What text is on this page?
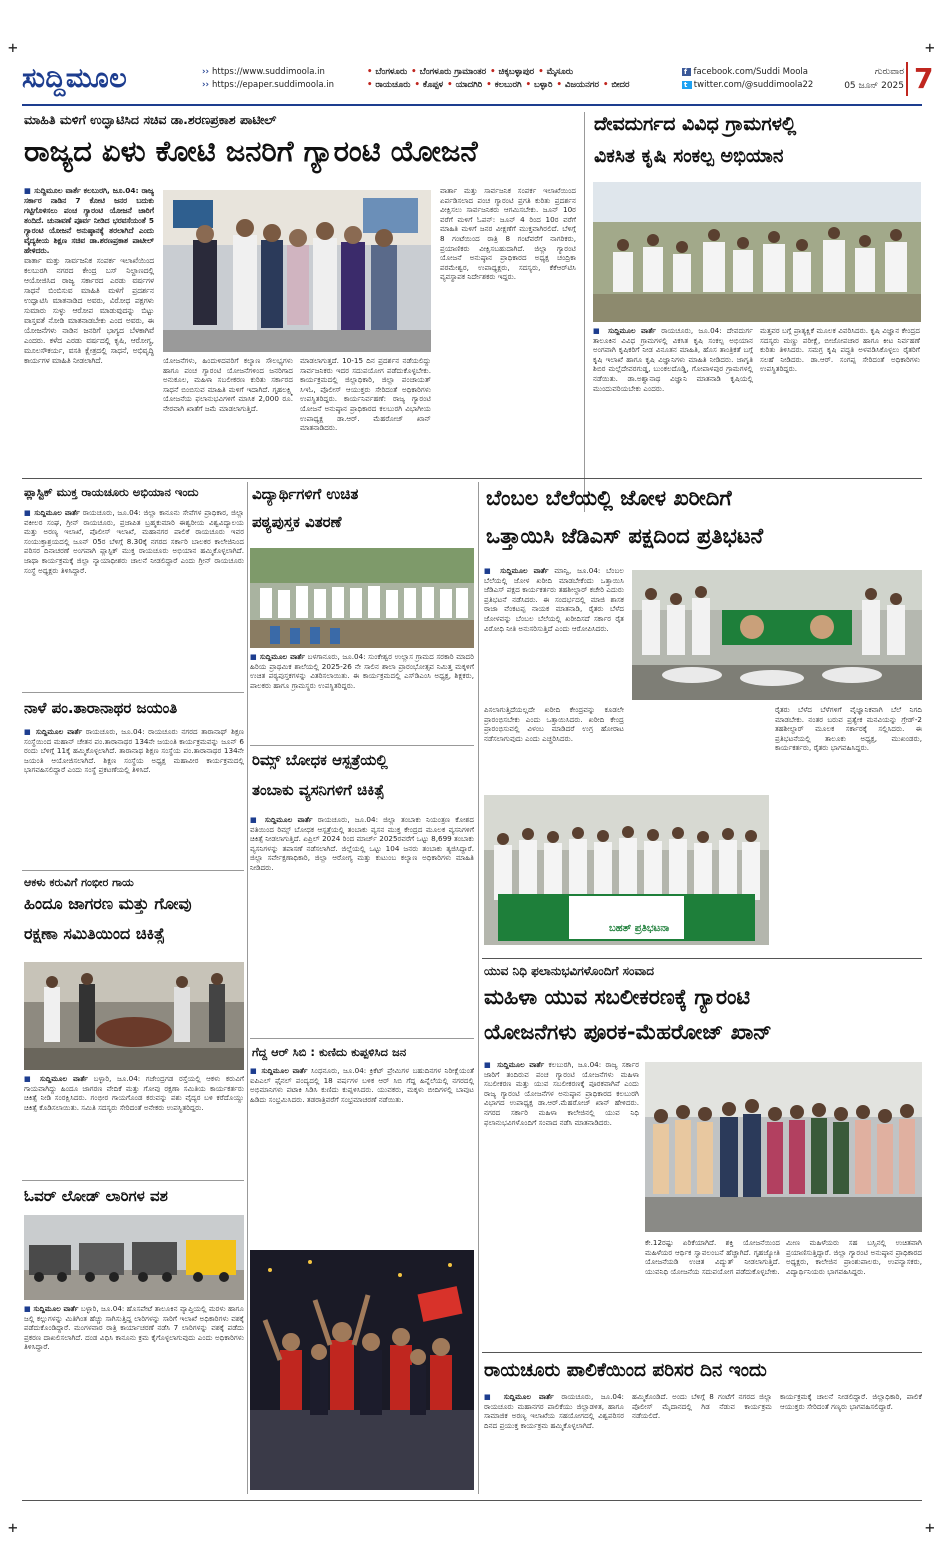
+	+
+	+
ಸುದ್ದಿಮೂಲ	›› https://www.suddimoola.in
›› https://epaper.suddimoola.in
• ಬೆಂಗಳೂರು • ಬೆಂಗಳೂರು ಗ್ರಾಮಾಂತರ • ಚಿಕ್ಕಬಳ್ಳಾಪುರ • ಮೈಸೂರು
• ರಾಯಚೂರು • ಕೊಪ್ಪಳ • ಯಾದಗಿರಿ • ಕಲಬುರಗಿ • ಬಳ್ಳಾರಿ • ವಿಜಯನಗರ • ಬೀದರ
f facebook.com/Suddi Moola
t twitter.com/@suddimoola22
ಗುರುವಾರ
05 ಜೂನ್ 2025 7
ಮಾಹಿತಿ ಮಳಿಗೆ ಉದ್ಘಾಟಿಸಿದ ಸಚಿವ ಡಾ.ಶರಣಪ್ರಕಾಶ ಪಾಟೀಲ್
ರಾಜ್ಯದ ಏಳು ಕೋಟಿ ಜನರಿಗೆ ಗ್ಯಾರಂಟಿ ಯೋಜನೆ
■ ಸುದ್ದಿಮೂಲ ವಾರ್ತೆ ಕಲಬುರಗಿ, ಜೂ.04: ರಾಜ್ಯ ಸರ್ಕಾರ ನಾಡಿನ 7 ಕೋಟಿ ಜನರ ಬದುಕು ಗಟ್ಟಿಗೊಳಿಸಲು ಪಂಚ ಗ್ಯಾರಂಟಿ ಯೋಜನೆ ಜಾರಿಗೆ ತಂದಿದೆ. ಚುನಾವಣೆ ಪೂರ್ವ ನೀಡಿದ ಭರವಸೆಯಂತೆ 5 ಗ್ಯಾರಂಟಿ ಯೋಜನೆ ಅನುಷ್ಠಾನಕ್ಕೆ ತರಲಾಗಿದೆ ಎಂದು ವೈದ್ಯಕೀಯ ಶಿಕ್ಷಣ ಸಚಿವ ಡಾ.ಶರಣಪ್ರಕಾಶ ಪಾಟೀಲ್ ಹೇಳಿದರು.
ವಾರ್ತಾ ಮತ್ತು ಸಾರ್ವಜನಿಕ ಸಂಪರ್ಕ ಇಲಾಖೆಯಿಂದ ಕಲಬುರಗಿ ನಗರದ ಕೇಂದ್ರ ಬಸ್ ನಿಲ್ದಾಣದಲ್ಲಿ ಆಯೋಜಿಸಿದ ರಾಜ್ಯ ಸರ್ಕಾರದ ಎರಡು ವರ್ಷಗಳ ಸಾಧನೆ ಬಿಂಬಿಸುವ ಮಾಹಿತಿ ಮಳಿಗೆ ಪ್ರದರ್ಶನ ಉದ್ಘಾಟಿಸಿ ಮಾತನಾಡಿದ ಅವರು, ವಿರೋಧ ಪಕ್ಷಗಳು ಸುಮಾರು ಸುಳ್ಳು ಆರೋಪ ಮಾಡುವುದನ್ನು ಬಿಟ್ಟು ವಾಸ್ತವತೆ ನೋಡಿ ಮಾತನಾಡಬೇಕು ಎಂದ ಅವರು, ಈ ಯೋಜನೆಗಳು ನಾಡಿನ ಜನರಿಗೆ ಭಾಗ್ಯದ ಬೆಳಕಾಗಿವೆ ಎಂದರು. ಕಳೆದ ಎರಡು ವರ್ಷದಲ್ಲಿ ಕೃಷಿ, ಆರೋಗ್ಯ, ಮೂಲಸೌಕರ್ಯ, ವಸತಿ ಕ್ಷೇತ್ರದಲ್ಲಿ ಸಾಧನೆ, ಅಭಿವೃದ್ಧಿ ಕಾರ್ಯಗಳ ಮಾಹಿತಿ ನೀಡಲಾಗಿದೆ.	ಯೋಜನೆಗಳು, ಹಿಂದುಳಿದವರಿಗೆ ಕಲ್ಯಾಣ ಸೌಲಭ್ಯಗಳು ಹಾಗೂ ಪಂಚ ಗ್ಯಾರಂಟಿ ಯೋಜನೆಗಳಿಂದ ಜನರಿಗಾದ ಅನುಕೂಲ, ಮಹಿಳಾ ಸಬಲೀಕರಣ ಕುರಿತು ಸರ್ಕಾರದ ಸಾಧನೆ ಬಿಂಬಿಸುವ ಮಾಹಿತಿ ಮಳಿಗೆ ಇದಾಗಿದೆ. ಗೃಹಲಕ್ಷ್ಮಿ ಯೋಜನೆಯ ಫಲಾನುಭವಿಗಳಿಗೆ ಮಾಸಿಕ 2,000 ರೂ. ನೇರವಾಗಿ ಖಾತೆಗೆ ಜಮೆ ಮಾಡಲಾಗುತ್ತಿದೆ.
ಮಾಡಲಾಗುತ್ತದೆ. 10-15 ದಿನ ಪ್ರದರ್ಶನ ನಡೆಯಲಿದ್ದು ಸಾರ್ವಜನಿಕರು ಇದರ ಸದುಪಯೋಗ ಪಡೆದುಕೊಳ್ಳಬೇಕು. ಕಾರ್ಯಕ್ರಮದಲ್ಲಿ ಜಿಲ್ಲಾಧಿಕಾರಿ, ಜಿಲ್ಲಾ ಪಂಚಾಯತ್ ಸಿಇಓ, ಪೊಲೀಸ್ ಆಯುಕ್ತರು ಸೇರಿದಂತೆ ಅಧಿಕಾರಿಗಳು ಉಪಸ್ಥಿತರಿದ್ದರು. ಕಾರ್ಯನಿರ್ವಹಣೆ: ರಾಜ್ಯ ಗ್ಯಾರಂಟಿ ಯೋಜನೆ ಅನುಷ್ಠಾನ ಪ್ರಾಧಿಕಾರದ ಕಲಬುರಗಿ ವಿಭಾಗೀಯ ಉಪಾಧ್ಯಕ್ಷ ಡಾ.ಆರ್. ಮೆಹರೋಜ್ ಖಾನ್ ಮಾತನಾಡಿದರು.
ವಾರ್ತಾ ಮತ್ತು ಸಾರ್ವಜನಿಕ ಸಂಪರ್ಕ ಇಲಾಖೆಯಿಂದ ಏರ್ಪಡಿಸಲಾದ ಪಂಚ ಗ್ಯಾರಂಟಿ ಪ್ರಗತಿ ಕುರಿತು ಪ್ರದರ್ಶನ ವೀಕ್ಷಿಸಲು ಸಾರ್ವಜನಿಕರು ಆಗಮಿಸಬೇಕು. ಜೂನ್ 10ರ ವರೆಗೆ ಮಳಿಗೆ ಓಪನ್: ಜೂನ್ 4 ರಿಂದ 10ರ ವರೆಗೆ ಮಾಹಿತಿ ಮಳಿಗೆ ಜನರ ವೀಕ್ಷಣೆಗೆ ಮುಕ್ತವಾಗಿರಲಿದೆ. ಬೆಳಿಗ್ಗೆ 8 ಗಂಟೆಯಿಂದ ರಾತ್ರಿ 8 ಗಂಟೆವರೆಗೆ ನಾಗರಿಕರು, ಪ್ರಯಾಣಿಕರು ವೀಕ್ಷಿಸಬಹುದಾಗಿದೆ. ಜಿಲ್ಲಾ ಗ್ಯಾರಂಟಿ ಯೋಜನೆ ಅನುಷ್ಠಾನ ಪ್ರಾಧಿಕಾರದ ಅಧ್ಯಕ್ಷ ಚಂದ್ರಿಕಾ ಪರಮೇಶ್ವರ, ಉಪಾಧ್ಯಕ್ಷರು, ಸದಸ್ಯರು, ಕೆಕೆಆರ್‌ಟಿಸಿ ವ್ಯವಸ್ಥಾಪಕ ನಿರ್ದೇಶಕರು ಇದ್ದರು.
ದೇವದುರ್ಗದ ವಿವಿಧ ಗ್ರಾಮಗಳಲ್ಲಿ
ವಿಕಸಿತ ಕೃಷಿ ಸಂಕಲ್ಪ ಅಭಿಯಾನ
■ ಸುದ್ದಿಮೂಲ ವಾರ್ತೆ ರಾಯಚೂರು, ಜೂ.04: ದೇವದುರ್ಗ ತಾಲೂಕಿನ ವಿವಿಧ ಗ್ರಾಮಗಳಲ್ಲಿ ವಿಕಸಿತ ಕೃಷಿ ಸಂಕಲ್ಪ ಅಭಿಯಾನ ಅಂಗವಾಗಿ ಕೃಷಿಕರಿಗೆ ನೀಡ ವಿನೂತನ ಮಾಹಿತಿ, ಹೊಸ ತಾಂತ್ರಿಕತೆ ಬಗ್ಗೆ ಕೃಷಿ ಇಲಾಖೆ ಹಾಗೂ ಕೃಷಿ ವಿಜ್ಞಾನಿಗಳು ಮಾಹಿತಿ ನೀಡಿದರು. ಜಾಗೃತಿ ಶಿಬಿರ ಮಲ್ಲೆದೇವರಗುಡ್ಡ, ಬುಂಕಲದೊಡ್ಡಿ, ಗೋಪಾಳಪುರ ಗ್ರಾಮಗಳಲ್ಲಿ ನಡೆಯಿತು. ಡಾ.ಅಶ್ವಾನಾಥ ವಿಜ್ಞಾನಿ ಮಾತನಾಡಿ ಕೃಷಿಯಲ್ಲಿ ಮುಂದುವರಿಯಬೇಕು ಎಂದರು.
ಮತ್ತವರ ಬಗ್ಗೆ ಪ್ರಾತ್ಯಕ್ಷಿಕೆ ಮೂಲಕ ವಿವರಿಸಿದರು. ಕೃಷಿ ವಿಜ್ಞಾನ ಕೇಂದ್ರದ ಸದಸ್ಯರು ಮಣ್ಣು ಪರೀಕ್ಷೆ, ಬೀಜೋಪಚಾರ ಹಾಗೂ ಕೀಟ ನಿರ್ವಹಣೆ ಕುರಿತು ತಿಳಿಸಿದರು. ಸಮಗ್ರ ಕೃಷಿ ಪದ್ಧತಿ ಅಳವಡಿಸಿಕೊಳ್ಳಲು ರೈತರಿಗೆ ಸಲಹೆ ನೀಡಿದರು. ಡಾ.ಆರ್. ಸಂಗಪ್ಪ ಸೇರಿದಂತೆ ಅಧಿಕಾರಿಗಳು ಉಪಸ್ಥಿತರಿದ್ದರು.
ಪ್ಲಾಸ್ಟಿಕ್ ಮುಕ್ತ ರಾಯಚೂರು ಅಭಿಯಾನ ಇಂದು
■ ಸುದ್ದಿಮೂಲ ವಾರ್ತೆ ರಾಯಚೂರು, ಜೂ.04: ಜಿಲ್ಲಾ ಕಾನೂನು ಸೇವೆಗಳ ಪ್ರಾಧಿಕಾರ, ಜಿಲ್ಲಾ ವಕೀಲರ ಸಂಘ, ಗ್ರೀನ್ ರಾಯಚೂರು, ಪ್ರಜಾಪಿತ ಬ್ರಹ್ಮಕುಮಾರಿ ಈಶ್ವರೀಯ ವಿಶ್ವವಿದ್ಯಾಲಯ ಮತ್ತು ಅರಣ್ಯ ಇಲಾಖೆ, ಪೊಲೀಸ್ ಇಲಾಖೆ, ಮಹಾನಗರ ಪಾಲಿಕೆ ರಾಯಚೂರು ಇವರ ಸಂಯುಕ್ತಾಶ್ರಯದಲ್ಲಿ ಜೂನ್ 05ರ ಬೆಳಿಗ್ಗೆ 8.30ಕ್ಕೆ ನಗರದ ಸರ್ಕಾರಿ ಬಾಲಕರ ಕಾಲೇಜಿನಿಂದ ಪರಿಸರ ದಿನಾಚರಣೆ ಅಂಗವಾಗಿ ಪ್ಲಾಸ್ಟಿಕ್ ಮುಕ್ತ ರಾಯಚೂರು ಅಭಿಯಾನ ಹಮ್ಮಿಕೊಳ್ಳಲಾಗಿದೆ. ಜಾಥಾ ಕಾರ್ಯಕ್ರಮಕ್ಕೆ ಜಿಲ್ಲಾ ನ್ಯಾಯಾಧೀಶರು ಚಾಲನೆ ನೀಡಲಿದ್ದಾರೆ ಎಂದು ಗ್ರೀನ್ ರಾಯಚೂರು ಸಂಸ್ಥೆ ಅಧ್ಯಕ್ಷರು ತಿಳಿಸಿದ್ದಾರೆ.
ನಾಳೆ ಪಂ.ತಾರಾನಾಥರ ಜಯಂತಿ
■ ಸುದ್ದಿಮೂಲ ವಾರ್ತೆ ರಾಯಚೂರು, ಜೂ.04: ರಾಯಚೂರು ನಗರದ ತಾರಾನಾಥ್ ಶಿಕ್ಷಣ ಸಂಸ್ಥೆಯಿಂದ ಮಹಾನ್ ಚೇತನ ಪಂ.ತಾರಾನಾಥರ 134ನೇ ಜಯಂತಿ ಕಾರ್ಯಕ್ರಮವನ್ನು ಜೂನ್ 6 ರಂದು ಬೆಳಿಗ್ಗೆ 11ಕ್ಕೆ ಹಮ್ಮಿಕೊಳ್ಳಲಾಗಿದೆ. ತಾರಾನಾಥ ಶಿಕ್ಷಣ ಸಂಸ್ಥೆಯ ಪಂ.ತಾರಾನಾಥರ 134ನೇ ಜಯಂತಿ ಆಯೋಜಿಸಲಾಗಿದೆ. ಶಿಕ್ಷಣ ಸಂಸ್ಥೆಯ ಅಧ್ಯಕ್ಷ ಮಹಾವೀರ ಕಾರ್ಯಕ್ರಮದಲ್ಲಿ ಭಾಗವಹಿಸಲಿದ್ದಾರೆ ಎಂದು ಸಂಸ್ಥೆ ಪ್ರಕಟಣೆಯಲ್ಲಿ ತಿಳಿಸಿದೆ.
ಆಕಳು ಕರುವಿಗೆ ಗಂಭೀರ ಗಾಯ
ಹಿಂದೂ ಜಾಗರಣ ಮತ್ತು ಗೋವು
ರಕ್ಷಣಾ ಸಮಿತಿಯಿಂದ ಚಿಕಿತ್ಸೆ
■ ಸುದ್ದಿಮೂಲ ವಾರ್ತೆ ಬಳ್ಳಾರಿ, ಜೂ.04: ಗಜೇಂದ್ರಗಡ ರಸ್ತೆಯಲ್ಲಿ ಆಕಳು ಕರುವಿಗೆ ಗಾಯವಾಗಿದ್ದು ಹಿಂದೂ ಜಾಗರಣ ವೇದಿಕೆ ಮತ್ತು ಗೋವು ರಕ್ಷಣಾ ಸಮಿತಿಯ ಕಾರ್ಯಕರ್ತರು ಚಿಕಿತ್ಸೆ ನೀಡಿ ಸಂರಕ್ಷಿಸಿದರು. ಗಂಭೀರ ಗಾಯಗೊಂಡ ಕರುವನ್ನು ಪಶು ವೈದ್ಯರ ಬಳಿ ಕರೆದೊಯ್ದು ಚಿಕಿತ್ಸೆ ಕೊಡಿಸಲಾಯಿತು. ಸಮಿತಿ ಸದಸ್ಯರು ಸೇರಿದಂತೆ ಅನೇಕರು ಉಪಸ್ಥಿತರಿದ್ದರು.
ಓವರ್ ಲೋಡ್ ಲಾರಿಗಳ ವಶ
■ ಸುದ್ದಿಮೂಲ ವಾರ್ತೆ ಬಳ್ಳಾರಿ, ಜೂ.04: ಹೊಸಪೇಟೆ ತಾಲೂಕಿನ ವ್ಯಾಪ್ತಿಯಲ್ಲಿ ಮರಳು ಹಾಗೂ ಜಲ್ಲಿ ಕಲ್ಲುಗಳನ್ನು ಮಿತಿಗಿಂತ ಹೆಚ್ಚು ಸಾಗಿಸುತ್ತಿದ್ದ ಲಾರಿಗಳನ್ನು ಸಾರಿಗೆ ಇಲಾಖೆ ಅಧಿಕಾರಿಗಳು ವಶಕ್ಕೆ ಪಡೆದುಕೊಂಡಿದ್ದಾರೆ. ಮಂಗಳವಾರ ರಾತ್ರಿ ಕಾರ್ಯಾಚರಣೆ ನಡೆಸಿ 7 ಲಾರಿಗಳನ್ನು ವಶಕ್ಕೆ ಪಡೆದು ಪ್ರಕರಣ ದಾಖಲಿಸಲಾಗಿದೆ. ದಂಡ ವಿಧಿಸಿ ಕಾನೂನು ಕ್ರಮ ಕೈಗೊಳ್ಳಲಾಗುವುದು ಎಂದು ಅಧಿಕಾರಿಗಳು ತಿಳಿಸಿದ್ದಾರೆ.
ವಿದ್ಯಾರ್ಥಿಗಳಿಗೆ ಉಚಿತ
ಪಠ್ಯಪುಸ್ತಕ ವಿತರಣೆ
■ ಸುದ್ದಿಮೂಲ ವಾರ್ತೆ ಬಳಗಾನೂರು, ಜೂ.04: ಸುಂಕೇಶ್ವರ ಉಲ್ಲಾಸ ಗ್ರಾಮದ ಸರಕಾರಿ ಮಾದರಿ ಹಿರಿಯ ಪ್ರಾಥಮಿಕ ಶಾಲೆಯಲ್ಲಿ 2025-26 ನೇ ಸಾಲಿನ ಶಾಲಾ ಪ್ರಾರಂಭೋತ್ಸವ ನಿಮಿತ್ತ ಮಕ್ಕಳಿಗೆ ಉಚಿತ ಪಠ್ಯಪುಸ್ತಕಗಳನ್ನು ವಿತರಿಸಲಾಯಿತು. ಈ ಕಾರ್ಯಕ್ರಮದಲ್ಲಿ ಎಸ್‌ಡಿಎಂಸಿ ಅಧ್ಯಕ್ಷ, ಶಿಕ್ಷಕರು, ಪಾಲಕರು ಹಾಗೂ ಗ್ರಾಮಸ್ಥರು ಉಪಸ್ಥಿತರಿದ್ದರು.
ರಿಮ್ಸ್ ಬೋಧಕ ಆಸ್ಪತ್ರೆಯಲ್ಲಿ
ತಂಬಾಕು ವ್ಯಸನಿಗಳಿಗೆ ಚಿಕಿತ್ಸೆ
■ ಸುದ್ದಿಮೂಲ ವಾರ್ತೆ ರಾಯಚೂರು, ಜೂ.04: ಜಿಲ್ಲಾ ತಂಬಾಕು ನಿಯಂತ್ರಣ ಕೋಶದ ವತಿಯಿಂದ ರಿಮ್ಸ್ ಬೋಧಕ ಆಸ್ಪತ್ರೆಯಲ್ಲಿ ತಂಬಾಕು ವ್ಯಸನ ಮುಕ್ತ ಕೇಂದ್ರದ ಮೂಲಕ ವ್ಯಸನಿಗಳಿಗೆ ಚಿಕಿತ್ಸೆ ನೀಡಲಾಗುತ್ತಿದೆ. ಏಪ್ರಿಲ್ 2024 ರಿಂದ ಮಾರ್ಚ್ 2025ರವರೆಗೆ ಒಟ್ಟು 8,699 ತಂಬಾಕು ವ್ಯಸನಿಗಳನ್ನು ತಪಾಸಣೆ ನಡೆಸಲಾಗಿದೆ. ಜಿಲ್ಲೆಯಲ್ಲಿ ಒಟ್ಟು 104 ಜನರು ತಂಬಾಕು ತ್ಯಜಿಸಿದ್ದಾರೆ. ಜಿಲ್ಲಾ ಸರ್ವೇಕ್ಷಣಾಧಿಕಾರಿ, ಜಿಲ್ಲಾ ಆರೋಗ್ಯ ಮತ್ತು ಕುಟುಂಬ ಕಲ್ಯಾಣ ಅಧಿಕಾರಿಗಳು ಮಾಹಿತಿ ನೀಡಿದರು.
ಗೆದ್ದ ಆರ್ ಸಿಬಿ : ಕುಣಿದು ಕುಪ್ಪಳಿಸಿದ ಜನ
■ ಸುದ್ದಿಮೂಲ ವಾರ್ತೆ ಸಿಂಧನೂರು, ಜೂ.04: ಕ್ರಿಕೆಟ್ ಪ್ರೇಮಿಗಳ ಬಹುದಿನಗಳ ನಿರೀಕ್ಷೆಯಂತೆ ಐಪಿಎಲ್ ಫೈನಲ್ ಪಂದ್ಯದಲ್ಲಿ 18 ವರ್ಷಗಳ ಬಳಿಕ ಆರ್ ಸಿಬಿ ಗೆದ್ದ ಹಿನ್ನೆಲೆಯಲ್ಲಿ ನಗರದಲ್ಲಿ ಅಭಿಮಾನಿಗಳು ಪಟಾಕಿ ಸಿಡಿಸಿ ಕುಣಿದು ಕುಪ್ಪಳಿಸಿದರು. ಯುವಕರು, ಮಕ್ಕಳು ಬೀದಿಗಳಲ್ಲಿ ಬಾವುಟ ಹಿಡಿದು ಸಂಭ್ರಮಿಸಿದರು. ತಡರಾತ್ರಿವರೆಗೆ ಸಂಭ್ರಮಾಚರಣೆ ನಡೆಯಿತು.
ಬೆಂಬಲ ಬೆಲೆಯಲ್ಲಿ ಜೋಳ ಖರೀದಿಗೆ
ಒತ್ತಾಯಿಸಿ ಜೆಡಿಎಸ್ ಪಕ್ಷದಿಂದ ಪ್ರತಿಭಟನೆ
■ ಸುದ್ದಿಮೂಲ ವಾರ್ತೆ ಮಾನ್ವಿ, ಜೂ.04: ಬೆಂಬಲ ಬೆಲೆಯಲ್ಲಿ ಜೋಳ ಖರೀದಿ ಮಾಡಬೇಕೆಂದು ಒತ್ತಾಯಿಸಿ ಜೆಡಿಎಸ್ ಪಕ್ಷದ ಕಾರ್ಯಕರ್ತರು ತಹಶೀಲ್ದಾರ್ ಕಚೇರಿ ಎದುರು ಪ್ರತಿಭಟನೆ ನಡೆಸಿದರು. ಈ ಸಂದರ್ಭದಲ್ಲಿ ಮಾಜಿ ಶಾಸಕ ರಾಜಾ ವೆಂಕಟಪ್ಪ ನಾಯಕ ಮಾತನಾಡಿ, ರೈತರು ಬೆಳೆದ ಜೋಳವನ್ನು ಬೆಂಬಲ ಬೆಲೆಯಲ್ಲಿ ಖರೀದಿಸದೆ ಸರ್ಕಾರ ರೈತ ವಿರೋಧಿ ನೀತಿ ಅನುಸರಿಸುತ್ತಿದೆ ಎಂದು ಆರೋಪಿಸಿದರು.
ಪಿಸಲಾಗುತ್ತಿದೆಯಲ್ಲದೇ ಖರೀದಿ ಕೇಂದ್ರವನ್ನು ಕೂಡಲೇ ಪ್ರಾರಂಭಿಸಬೇಕು ಎಂದು ಒತ್ತಾಯಿಸಿದರು. ಖರೀದಿ ಕೇಂದ್ರ ಪ್ರಾರಂಭಿಸುವಲ್ಲಿ ವಿಳಂಬ ಮಾಡಿದರೆ ಉಗ್ರ ಹೋರಾಟ ನಡೆಸಲಾಗುವುದು ಎಂದು ಎಚ್ಚರಿಸಿದರು.
ರೈತರು ಬೆಳೆದ ಬೆಳೆಗಳಿಗೆ ವೈಜ್ಞಾನಿಕವಾಗಿ ಬೆಲೆ ನಿಗದಿ ಮಾಡಬೇಕು. ನಂತರ ಬರುವ ಪ್ರತ್ಯೇಕ ಮನವಿಯನ್ನು ಗ್ರೇಡ್-2 ತಹಶೀಲ್ದಾರ್ ಮೂಲಕ ಸರ್ಕಾರಕ್ಕೆ ಸಲ್ಲಿಸಿದರು. ಈ ಪ್ರತಿಭಟನೆಯಲ್ಲಿ ತಾಲೂಕು ಅಧ್ಯಕ್ಷ, ಮುಖಂಡರು, ಕಾರ್ಯಕರ್ತರು, ರೈತರು ಭಾಗವಹಿಸಿದ್ದರು.
ಬಹತ್ ಪ್ರತಿಭಟನಾ
ಯುವ ನಿಧಿ ಫಲಾನುಭವಿಗಳೊಂದಿಗೆ ಸಂವಾದ
ಮಹಿಳಾ ಯುವ ಸಬಲೀಕರಣಕ್ಕೆ ಗ್ಯಾರಂಟಿ
ಯೋಜನೆಗಳು ಪೂರಕ-ಮೆಹರೋಜ್ ಖಾನ್
■ ಸುದ್ದಿಮೂಲ ವಾರ್ತೆ ಕಲಬುರಗಿ, ಜೂ.04: ರಾಜ್ಯ ಸರ್ಕಾರ ಜಾರಿಗೆ ತಂದಿರುವ ಪಂಚ ಗ್ಯಾರಂಟಿ ಯೋಜನೆಗಳು ಮಹಿಳಾ ಸಬಲೀಕರಣ ಮತ್ತು ಯುವ ಸಬಲೀಕರಣಕ್ಕೆ ಪೂರಕವಾಗಿವೆ ಎಂದು ರಾಜ್ಯ ಗ್ಯಾರಂಟಿ ಯೋಜನೆಗಳ ಅನುಷ್ಠಾನ ಪ್ರಾಧಿಕಾರದ ಕಲಬುರಗಿ ವಿಭಾಗದ ಉಪಾಧ್ಯಕ್ಷ ಡಾ.ಆರ್.ಮೆಹರೋಜ್ ಖಾನ್ ಹೇಳಿದರು. ನಗರದ ಸರ್ಕಾರಿ ಮಹಿಳಾ ಕಾಲೇಜಿನಲ್ಲಿ ಯುವ ನಿಧಿ ಫಲಾನುಭವಿಗಳೊಂದಿಗೆ ಸಂವಾದ ನಡೆಸಿ ಮಾತನಾಡಿದರು.
ಕೇ.12ರಷ್ಟು ಏರಿಕೆಯಾಗಿದೆ. ಶಕ್ತಿ ಯೋಜನೆಯಿಂದ ಮಹಿಳೆಯರ ಆರ್ಥಿಕ ಸ್ವಾವಲಂಬನೆ ಹೆಚ್ಚಾಗಿದೆ. ಗೃಹಜ್ಯೋತಿ ಯೋಜನೆಯಡಿ ಉಚಿತ ವಿದ್ಯುತ್ ನೀಡಲಾಗುತ್ತಿದೆ. ಯುವನಿಧಿ ಯೋಜನೆಯ ಸದುಪಯೋಗ ಪಡೆದುಕೊಳ್ಳಬೇಕು.
ಮೀಣ ಮಹಿಳೆಯರು ಸಹ ಬಸ್ಸಿನಲ್ಲಿ ಉಚಿತವಾಗಿ ಪ್ರಯಾಣಿಸುತ್ತಿದ್ದಾರೆ. ಜಿಲ್ಲಾ ಗ್ಯಾರಂಟಿ ಅನುಷ್ಠಾನ ಪ್ರಾಧಿಕಾರದ ಅಧ್ಯಕ್ಷರು, ಕಾಲೇಜಿನ ಪ್ರಾಂಶುಪಾಲರು, ಉಪನ್ಯಾಸಕರು, ವಿದ್ಯಾರ್ಥಿನಿಯರು ಭಾಗವಹಿಸಿದ್ದರು.
ರಾಯಚೂರು ಪಾಲಿಕೆಯಿಂದ ಪರಿಸರ ದಿನ ಇಂದು
■ ಸುದ್ದಿಮೂಲ ವಾರ್ತೆ ರಾಯಚೂರು, ಜೂ.04: ರಾಯಚೂರು ಮಹಾನಗರ ಪಾಲಿಕೆಯು ಜಿಲ್ಲಾಡಳಿತ, ಹಾಗೂ ಸಾಮಾಜಿಕ ಅರಣ್ಯ ಇಲಾಖೆಯ ಸಹಯೋಗದಲ್ಲಿ ವಿಶ್ವಪರಿಸರ ದಿನದ ಪ್ರಯುಕ್ತ ಕಾರ್ಯಕ್ರಮ ಹಮ್ಮಿಕೊಳ್ಳಲಾಗಿದೆ.
ಹಮ್ಮಿಕೊಂಡಿದೆ. ಅಂದು ಬೆಳಿಗ್ಗೆ 8 ಗಂಟೆಗೆ ನಗರದ ಜಿಲ್ಲಾ ಪೊಲೀಸ್ ಮೈದಾನದಲ್ಲಿ ಗಿಡ ನೆಡುವ ಕಾರ್ಯಕ್ರಮ ನಡೆಯಲಿದೆ.
ಕಾರ್ಯಕ್ರಮಕ್ಕೆ ಚಾಲನೆ ನೀಡಲಿದ್ದಾರೆ. ಜಿಲ್ಲಾಧಿಕಾರಿ, ಪಾಲಿಕೆ ಆಯುಕ್ತರು ಸೇರಿದಂತೆ ಗಣ್ಯರು ಭಾಗವಹಿಸಲಿದ್ದಾರೆ.
